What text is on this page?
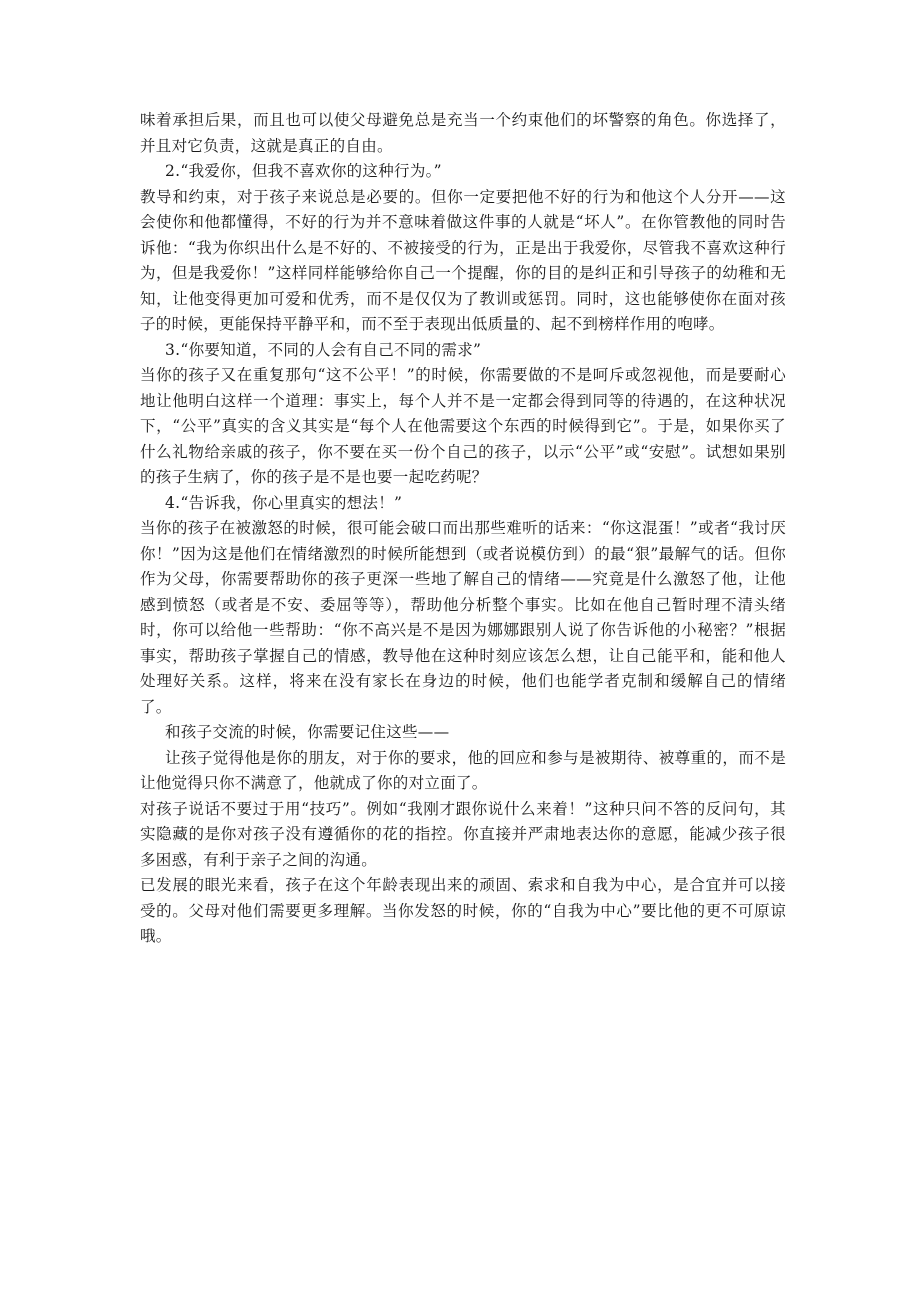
味着承担后果，而且也可以使父母避免总是充当一个约束他们的坏警察的角色。你选择了，并且对它负责，这就是真正的自由。

2.“我爱你，但我不喜欢你的这种行为。”

教导和约束，对于孩子来说总是必要的。但你一定要把他不好的行为和他这个人分开——这会使你和他都懂得，不好的行为并不意味着做这件事的人就是“坏人”。在你管教他的同时告诉他：“我为你织出什么是不好的、不被接受的行为，正是出于我爱你，尽管我不喜欢这种行为，但是我爱你！”这样同样能够给你自己一个提醒，你的目的是纠正和引导孩子的幼稚和无知，让他变得更加可爱和优秀，而不是仅仅为了教训或惩罚。同时，这也能够使你在面对孩子的时候，更能保持平静平和，而不至于表现出低质量的、起不到榜样作用的咆哮。

3.“你要知道，不同的人会有自己不同的需求”

当你的孩子又在重复那句“这不公平！”的时候，你需要做的不是呵斥或忽视他，而是要耐心地让他明白这样一个道理：事实上，每个人并不是一定都会得到同等的待遇的，在这种状况下，“公平”真实的含义其实是“每个人在他需要这个东西的时候得到它”。于是，如果你买了什么礼物给亲戚的孩子，你不要在买一份个自己的孩子，以示“公平”或“安慰”。试想如果别的孩子生病了，你的孩子是不是也要一起吃药呢？

4.“告诉我，你心里真实的想法！”

当你的孩子在被激怒的时候，很可能会破口而出那些难听的话来：“你这混蛋！”或者“我讨厌你！”因为这是他们在情绪激烈的时候所能想到（或者说模仿到）的最“狠”最解气的话。但你作为父母，你需要帮助你的孩子更深一些地了解自己的情绪——究竟是什么激怒了他，让他感到愤怒（或者是不安、委屈等等），帮助他分析整个事实。比如在他自己暂时理不清头绪时，你可以给他一些帮助：“你不高兴是不是因为娜娜跟别人说了你告诉他的小秘密？”根据事实，帮助孩子掌握自己的情感，教导他在这种时刻应该怎么想，让自己能平和，能和他人处理好关系。这样，将来在没有家长在身边的时候，他们也能学者克制和缓解自己的情绪了。

和孩子交流的时候，你需要记住这些——

让孩子觉得他是你的朋友，对于你的要求，他的回应和参与是被期待、被尊重的，而不是让他觉得只你不满意了，他就成了你的对立面了。

对孩子说话不要过于用“技巧”。例如“我刚才跟你说什么来着！”这种只问不答的反问句，其实隐藏的是你对孩子没有遵循你的花的指控。你直接并严肃地表达你的意愿，能减少孩子很多困惑，有利于亲子之间的沟通。

已发展的眼光来看，孩子在这个年龄表现出来的顽固、索求和自我为中心，是合宜并可以接受的。父母对他们需要更多理解。当你发怒的时候，你的“自我为中心”要比他的更不可原谅哦。
